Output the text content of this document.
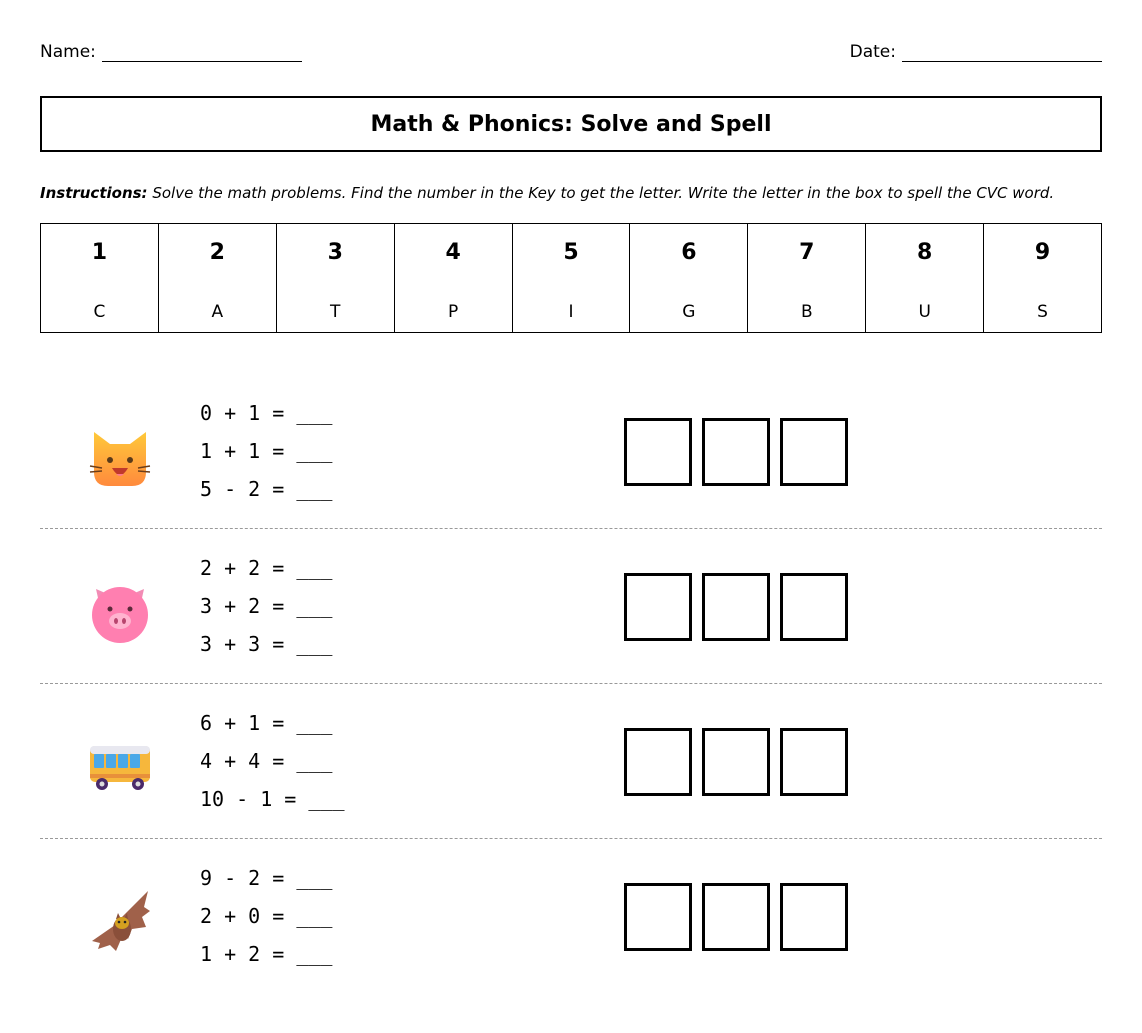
Name:	Date:
Math & Phonics: Solve and Spell
Instructions: Solve the math problems. Find the number in the Key to get the letter. Write the letter in the box to spell the CVC word.
1
C
2
A
3
T
4
P
5
I
6
G
7
B
8
U
9
S
0 + 1 = ___
1 + 1 = ___
5 - 2 = ___
2 + 2 = ___
3 + 2 = ___
3 + 3 = ___
6 + 1 = ___
4 + 4 = ___
10 - 1 = ___
9 - 2 = ___
2 + 0 = ___
1 + 2 = ___
